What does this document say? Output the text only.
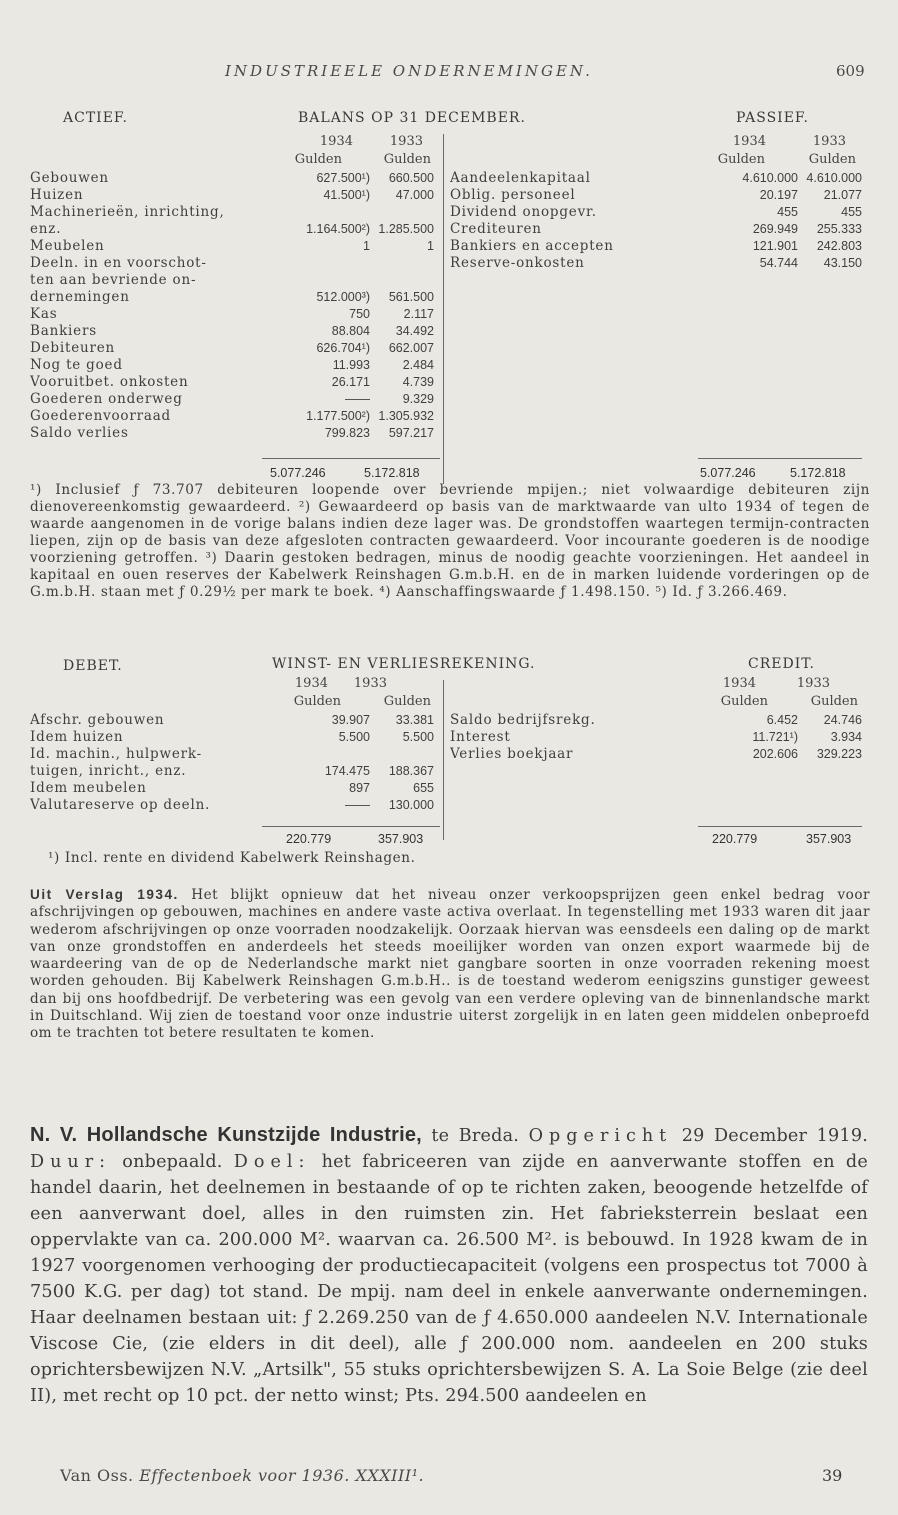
INDUSTRIEELE ONDERNEMINGEN.	609
ACTIEF.	BALANS OP 31 DECEMBER.	PASSIEF.
1934	1933
Gulden	Gulden
1934	1933
Gulden	Gulden
Gebouwen	627.500¹)	660.500
Huizen	41.500¹)	47.000
Machinerieën, inrichting,
enz.	1.164.500²) 1.285.500
Meubelen	1	1
Deeln. in en voorschot-
ten aan bevriende on-
dernemingen	512.000³)	561.500
Kas	750	2.117
Bankiers	88.804	34.492
Debiteuren	626.704¹)	662.007
Nog te goed	11.993	2.484
Vooruitbet. onkosten	26.171	4.739
Goederen onderweg	——	9.329
Goederenvoorraad	1.177.500²) 1.305.932
Saldo verlies	799.823	597.217
Aandeelenkapitaal	4.610.000 4.610.000
Oblig. personeel	20.197	21.077
Dividend onopgevr.	455	455
Crediteuren	269.949	255.333
Bankiers en accepten	121.901	242.803
Reserve-onkosten	54.744	43.150
5.077.246	5.172.818	5.077.246	5.172.818
¹) Inclusief ƒ 73.707 debiteuren loopende over bevriende mpijen.; niet volwaardige debiteuren zijn dienovereenkomstig gewaardeerd. ²) Gewaardeerd op basis van de marktwaarde van ulto 1934 of tegen de waarde aangenomen in de vorige balans indien deze lager was. De grondstoffen waartegen termijn-contracten liepen, zijn op de basis van deze afgesloten contracten gewaardeerd. Voor incourante goederen is de noodige voorziening getroffen. ³) Daarin gestoken bedragen, minus de noodig geachte voorzieningen. Het aandeel in kapitaal en ouen reserves der Kabelwerk Reinshagen G.m.b.H. en de in marken luidende vorderingen op de G.m.b.H. staan met ƒ 0.29½ per mark te boek. ⁴) Aanschaffingswaarde ƒ 1.498.150. ⁵) Id. ƒ 3.266.469.
DEBET.	WINST- EN VERLIESREKENING.	CREDIT.
1934 1933
Gulden	Gulden
1934	1933
Gulden	Gulden
Afschr. gebouwen	39.907	33.381
Idem huizen	5.500	5.500
Id. machin., hulpwerk-
tuigen, inricht., enz.	174.475	188.367
Idem meubelen	897	655
Valutareserve op deeln.	——	130.000
Saldo bedrijfsrekg.	6.452	24.746
Interest	11.721¹)	3.934
Verlies boekjaar	202.606	329.223
220.779	357.903	220.779	357.903
¹) Incl. rente en dividend Kabelwerk Reinshagen.
Uit Verslag 1934. Het blijkt opnieuw dat het niveau onzer verkoopsprijzen geen enkel bedrag voor afschrijvingen op gebouwen, machines en andere vaste activa overlaat. In tegenstelling met 1933 waren dit jaar wederom afschrijvingen op onze voorraden noodzakelijk. Oorzaak hiervan was eensdeels een daling op de markt van onze grondstoffen en anderdeels het steeds moeilijker worden van onzen export waarmede bij de waardeering van de op de Nederlandsche markt niet gangbare soorten in onze voorraden rekening moest worden gehouden. Bij Kabelwerk Reinshagen G.m.b.H.. is de toestand wederom eenigszins gunstiger geweest dan bij ons hoofdbedrijf. De verbetering was een gevolg van een verdere opleving van de binnenlandsche markt in Duitschland. Wij zien de toestand voor onze industrie uiterst zorgelijk in en laten geen middelen onbeproefd om te trachten tot betere resultaten te komen.
N. V. Hollandsche Kunstzijde Industrie, te Breda. Opgericht 29 December 1919. Duur: onbepaald. Doel: het fabriceeren van zijde en aanverwante stoffen en de handel daarin, het deelnemen in bestaande of op te richten zaken, beoogende hetzelfde of een aanverwant doel, alles in den ruimsten zin. Het fabrieksterrein beslaat een oppervlakte van ca. 200.000 M². waarvan ca. 26.500 M². is bebouwd. In 1928 kwam de in 1927 voorgenomen verhooging der productiecapaciteit (volgens een prospectus tot 7000 à 7500 K.G. per dag) tot stand. De mpij. nam deel in enkele aanverwante ondernemingen. Haar deelnamen bestaan uit: ƒ 2.269.250 van de ƒ 4.650.000 aandeelen N.V. Internationale Viscose Cie, (zie elders in dit deel), alle ƒ 200.000 nom. aandeelen en 200 stuks oprichtersbewijzen N.V. „Artsilk", 55 stuks oprichtersbewijzen S. A. La Soie Belge (zie deel II), met recht op 10 pct. der netto winst; Pts. 294.500 aandeelen en
Van Oss. Effectenboek voor 1936. XXXIII¹.	39
